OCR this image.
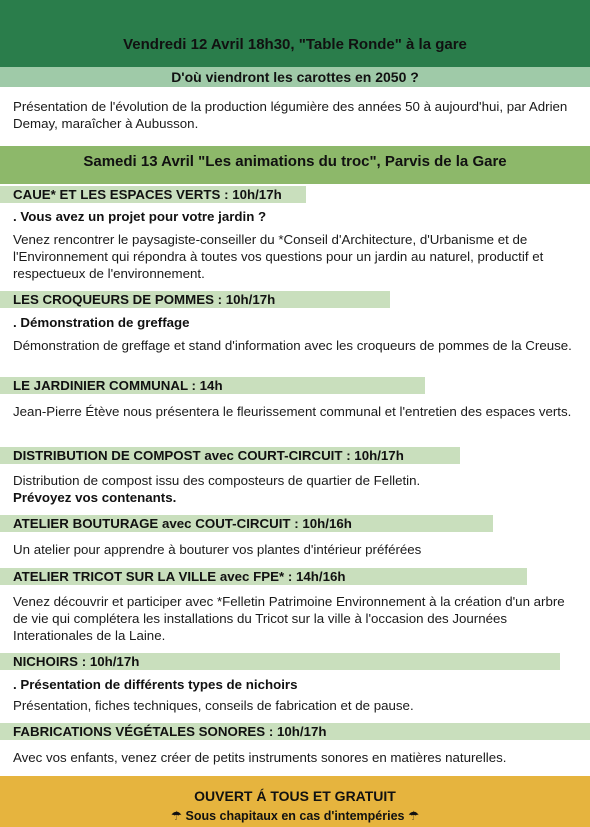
Vendredi 12 Avril 18h30, "Table Ronde" à la gare
D'où viendront les carottes en 2050 ?
Présentation de l'évolution de la production légumière des années 50 à aujourd'hui, par Adrien Demay, maraîcher à Aubusson.
Samedi 13 Avril "Les animations du troc", Parvis de la Gare
CAUE* ET LES ESPACES VERTS : 10h/17h
. Vous avez un projet pour votre jardin ?
Venez rencontrer le paysagiste-conseiller du *Conseil d'Architecture, d'Urbanisme et de l'Environnement qui répondra à toutes vos questions pour un jardin au naturel, productif et respectueux de l'environnement.
LES CROQUEURS DE POMMES : 10h/17h
. Démonstration de greffage
Démonstration de greffage et stand d'information avec les croqueurs de pommes de la Creuse.
LE JARDINIER COMMUNAL : 14h
Jean-Pierre Étève nous présentera le fleurissement communal et l'entretien des espaces verts.
DISTRIBUTION DE COMPOST avec COURT-CIRCUIT : 10h/17h
Distribution de compost issu des composteurs de quartier de Felletin.
Prévoyez vos contenants.
ATELIER BOUTURAGE avec COUT-CIRCUIT : 10h/16h
Un atelier pour apprendre à bouturer vos plantes d'intérieur préférées
ATELIER TRICOT SUR LA VILLE avec FPE* : 14h/16h
Venez découvrir et participer avec *Felletin Patrimoine Environnement à la création d'un arbre de vie qui complétera les installations du Tricot sur la ville à l'occasion des Journées Interationales de la Laine.
NICHOIRS : 10h/17h
. Présentation de différents types de nichoirs
Présentation, fiches techniques, conseils de fabrication et de pause.
FABRICATIONS VÉGÉTALES SONORES : 10h/17h
Avec vos enfants, venez créer de petits instruments sonores en matières naturelles.
OUVERT Á TOUS ET GRATUIT
☂ Sous chapitaux en cas d'intempéries ☂
